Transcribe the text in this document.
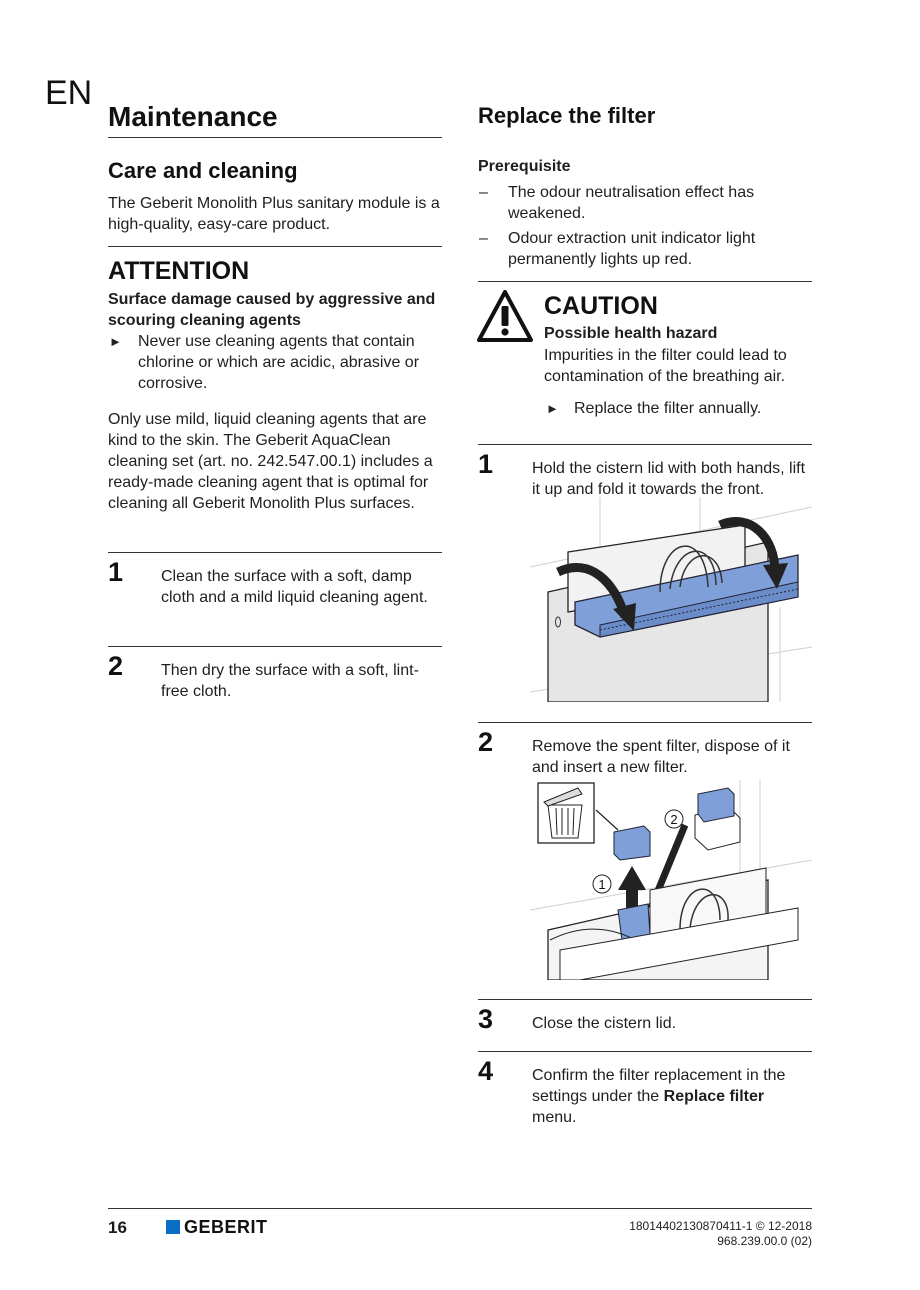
EN
Maintenance
Care and cleaning
The Geberit Monolith Plus sanitary module is a high-quality, easy-care product.
ATTENTION
Surface damage caused by aggressive and scouring cleaning agents
► Never use cleaning agents that contain chlorine or which are acidic, abrasive or corrosive.
Only use mild, liquid cleaning agents that are kind to the skin. The Geberit AquaClean cleaning set (art. no. 242.547.00.1) includes a ready-made cleaning agent that is optimal for cleaning all Geberit Monolith Plus surfaces.
1 Clean the surface with a soft, damp cloth and a mild liquid cleaning agent.
2 Then dry the surface with a soft, lint-free cloth.
Replace the filter
Prerequisite
– The odour neutralisation effect has weakened.
– Odour extraction unit indicator light permanently lights up red.
CAUTION
Possible health hazard
Impurities in the filter could lead to contamination of the breathing air.
► Replace the filter annually.
1 Hold the cistern lid with both hands, lift it up and fold it towards the front.
2 Remove the spent filter, dispose of it and insert a new filter.
2
1
3 Close the cistern lid.
4 Confirm the filter replacement in the settings under the Replace filter menu.
16	GEBERIT	18014402130870411-1 © 12-2018
968.239.00.0 (02)
